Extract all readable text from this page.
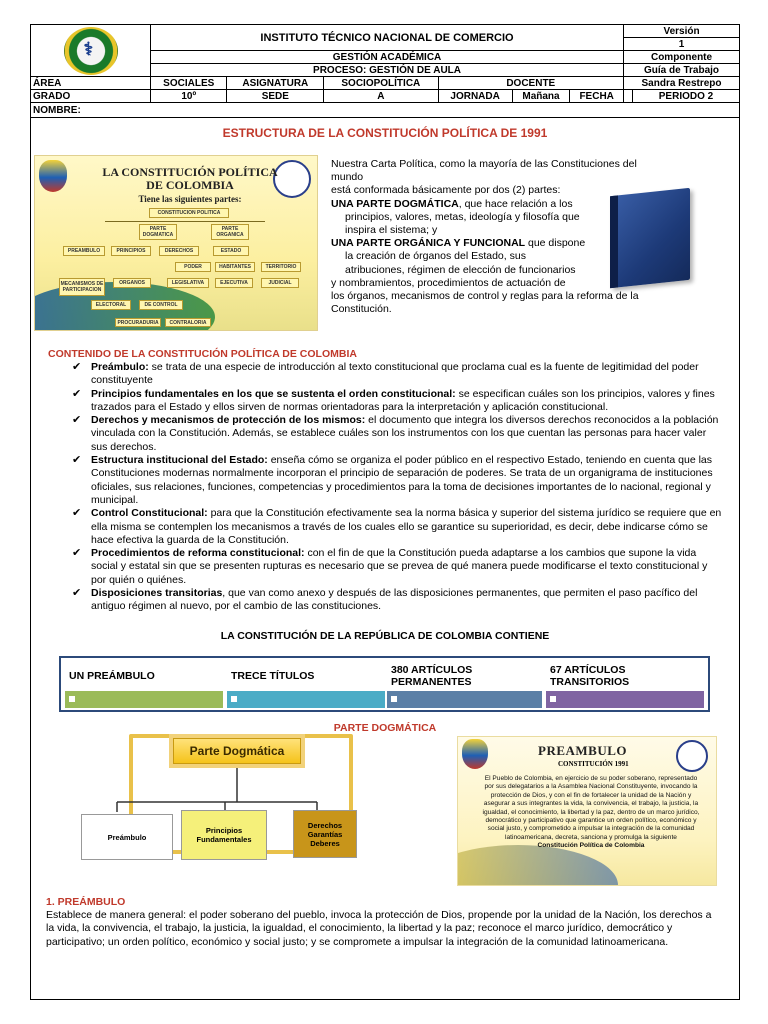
⚕	INSTITUTO TÉCNICO NACIONAL DE COMERCIO						Versión	
							1	
	GESTIÓN ACADÉMICA						Componente	
	PROCESO: GESTIÓN DE AULA						Guía de Trabajo	
ÁREA	SOCIALES	ASIGNATURA	SOCIOPOLÍTICA	DOCENTE			Sandra Restrepo	
GRADO	10º	SEDE	A	JORNADA	Mañana	FECHA		PERIODO 2
NOMBRE:								
ESTRUCTURA DE LA CONSTITUCIÓN POLÍTICA DE 1991
LA CONSTITUCIÓN POLÍTICA DE COLOMBIA
Tiene las siguientes partes:
CONSTITUCION POLITICA
PARTE DOGMATICA
PARTE ORGANICA
PREAMBULO	PRINCIPIOS	DERECHOS	ESTADO
PODER	HABITANTES	TERRITORIO
MECANISMOS DE PARTICIPACION
ORGANOS	LEGISLATIVA	EJECUTIVA	JUDICIAL
ELECTORAL	DE CONTROL
PROCURADURIA	CONTRALORIA

Nuestra Carta Política, como la mayoría de las Constituciones del mundo

está conformada básicamente por dos (2) partes:

UNA PARTE DOGMÁTICA, que hace relación a los

principios, valores, metas, ideología y filosofía que

inspira el sistema; y

UNA PARTE ORGÁNICA Y FUNCIONAL que dispone

la creación de órganos del Estado, sus

atribuciones, régimen de elección de funcionarios

y nombramientos, procedimientos de actuación de

los órganos, mecanismos de control y reglas para la reforma de la

Constitución.

CONTENIDO DE LA CONSTITUCIÓN POLÍTICA DE COLOMBIA
✔ Preámbulo: se trata de una especie de introducción al texto constitucional que proclama cual es la fuente de legitimidad del poder constituyente
✔ Principios fundamentales en los que se sustenta el orden constitucional: se especifican cuáles son los principios, valores y fines trazados para el Estado y ellos sirven de normas orientadoras para la interpretación y aplicación constitucional.
✔ Derechos y mecanismos de protección de los mismos: el documento que integra los diversos derechos reconocidos a la población vinculada con la Constitución. Además, se establece cuáles son los instrumentos con los que cuentan las personas para hacer valer sus derechos.
✔ Estructura institucional del Estado: enseña cómo se organiza el poder público en el respectivo Estado, teniendo en cuenta que las Constituciones modernas normalmente incorporan el principio de separación de poderes. Se trata de un organigrama de instituciones oficiales, sus relaciones, funciones, competencias y procedimientos para la toma de decisiones importantes de lo nacional, regional y municipal.
✔ Control Constitucional: para que la Constitución efectivamente sea la norma básica y superior del sistema jurídico se requiere que en ella misma se contemplen los mecanismos a través de los cuales ello se garantice su superioridad, es decir, debe indicarse cómo se hace efectiva la guarda de la Constitución.
✔ Procedimientos de reforma constitucional: con el fin de que la Constitución pueda adaptarse a los cambios que supone la vida social y estatal sin que se presenten rupturas es necesario que se prevea de qué manera puede modificarse el texto constitucional y por quién o quiénes.
✔ Disposiciones transitorias, que van como anexo y después de las disposiciones permanentes, que permiten el paso pacífico del antiguo régimen al nuevo, por el cambio de las constituciones.
LA CONSTITUCIÓN DE LA REPÚBLICA DE COLOMBIA CONTIENE
UN PREÁMBULO	TRECE TÍTULOS	380 ARTÍCULOS PERMANENTES
67 ARTÍCULOS TRANSITORIOS
PARTE DOGMÁTICA
Parte Dogmática
Preámbulo
Principios Fundamentales
Derechos Garantías Deberes
PREAMBULO
CONSTITUCIÓN 1991
El Pueblo de Colombia, en ejercicio de su poder soberano, representado por sus delegatarios a la Asamblea Nacional Constituyente, invocando la protección de Dios, y con el fin de fortalecer la unidad de la Nación y asegurar a sus integrantes la vida, la convivencia, el trabajo, la justicia, la igualdad, el conocimiento, la libertad y la paz, dentro de un marco jurídico, democrático y participativo que garantice un orden político, económico y social justo, y comprometido a impulsar la integración de la comunidad latinoamericana, decreta, sanciona y promulga la siguiente
Constitución Política de Colombia
1. PREÁMBULO

Establece de manera general: el poder soberano del pueblo, invoca la protección de Dios, propende por la unidad de la Nación, los derechos a la vida, la convivencia, el trabajo, la justicia, la igualdad, el conocimiento, la libertad y la paz; reconoce el marco jurídico, democrático y participativo; un orden político, económico y social justo; y se compromete a impulsar la integración de la comunidad latinoamericana.
